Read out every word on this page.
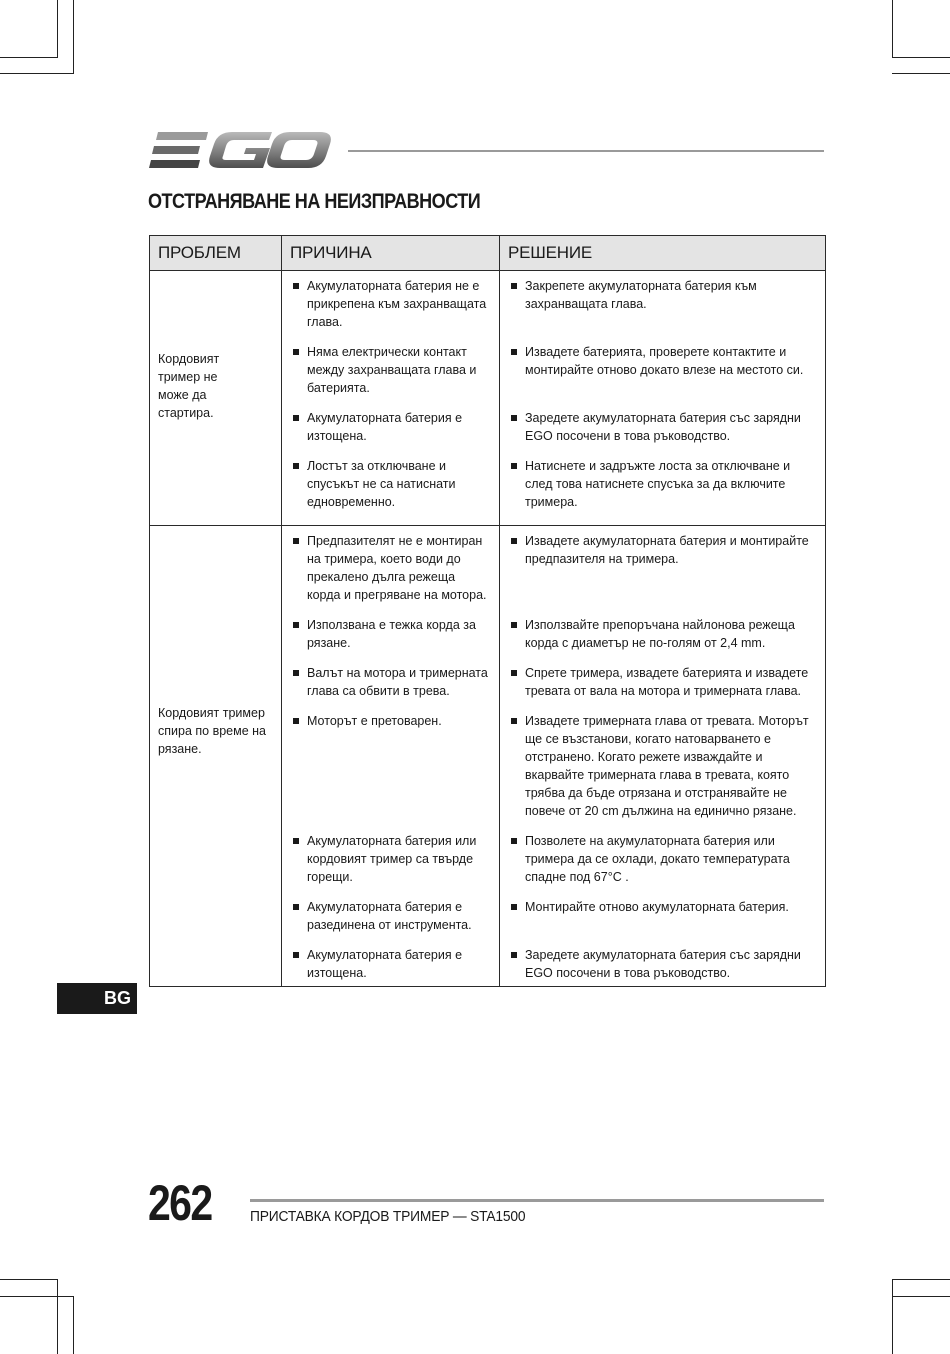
ОТСТРАНЯВАНЕ НА НЕИЗПРАВНОСТИ
ПРОБЛЕМ	ПРИЧИНА	РЕШЕНИЕ

Кордовият тример не може да стартира.	Акумулаторната батерия не е прикрепена към захранващата глава.	Закрепете акумулаторната батерия към захранващата глава.

Няма електрически контакт между захранващата глава и батерията.	Извадете батерията, проверете контактите и монтирайте отново докато влезе на местото си.

Акумулаторната батерия е изтощена.	Заредете акумулаторната батерия със зарядни EGO посочени в това ръководство.

Лостът за отключване и спусъкът не са натиснати едновременно.	Натиснете и задръжте лоста за отключване и след това натиснете спусъка за да включите тримера.

Кордовият тример спира по време на рязане.	Предпазителят не е монтиран на тримера, което води до прекалено дълга режеща корда и прегряване на мотора.	Извадете акумулаторната батерия и монтирайте предпазителя на тримера.

Използвана е тежка корда за рязане.	Използвайте препоръчана найлонова режеща корда с диаметър не по-голям от 2,4 mm.

Валът на мотора и тримерната глава са обвити в трева.	Спрете тримера, извадете батерията и извадете тревата от вала на мотора и тримерната глава.

Моторът е претоварен.	Извадете тримерната глава от тревата. Моторът ще се възстанови, когато натоварването е отстранено. Когато режете изваждайте и вкарвайте тримерната глава в тревата, която трябва да бъде отрязана и отстранявайте не повече от 20 cm дължина на единично рязане.

Акумулаторната батерия или кордовият тример са твърде горещи.	Позволете на акумулаторната батерия или тримера да се охлади, докато температурата спадне под 67°C .

Акумулаторната батерия е разединена от инструмента.	Монтирайте отново акумулаторната батерия.

Акумулаторната батерия е изтощена.	Заредете акумулаторната батерия със зарядни EGO посочени в това ръководство.
BG
262	ПРИСТАВКА КОРДОВ ТРИМЕР — STA1500
